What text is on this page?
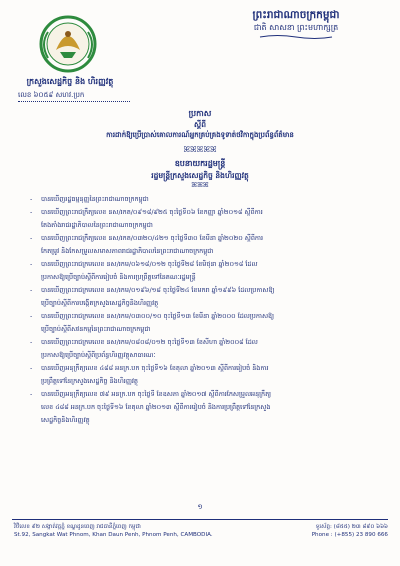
ព្រះរាជាណាចក្រកម្ពុជា
ជាតិ សាសនា ព្រះមហាក្សត្រ
ក្រសួងសេដ្ឋកិច្ច និង ហិរញ្ញវត្ថុ
លេខ ៦០៥៩ សហវ.ប្រក
ប្រកាស
ស្តីពី
ការដាក់ឱ្យប្រើប្រាស់គោលការណ៍អ្នកគ្រប់គ្រងទូទាត់ថវិកាក្នុងប្រព័ន្ធព័ត៌មាន
ꕤꕤꕤꕤꕤ
ឧបនាយករដ្ឋមន្ត្រី
រដ្ឋមន្ត្រីក្រសួងសេដ្ឋកិច្ច និងហិរញ្ញវត្ថុ
ꕤꕤꕤ
- បានឃើញរដ្ឋធម្មនុញ្ញនៃព្រះរាជាណាចក្រកម្ពុជា
- បានឃើញព្រះរាជក្រឹត្យលេខ នស/រកត/០៩១៨/៩២៥ ចុះថ្ងៃទី០៦ ខែកញ្ញា ឆ្នាំ២០១៨ ស្តីពីការ
តែងតាំងរាជរដ្ឋាភិបាលនៃព្រះរាជាណាចក្រកម្ពុជា
- បានឃើញព្រះរាជក្រឹត្យលេខ នស/រកត/០៣២០/៤២១ ចុះថ្ងៃទី៣០ ខែមីនា ឆ្នាំ២០២០ ស្តីពីការ
កែតម្រូវ និងកែសម្រួលសមាសភាពរាជរដ្ឋាភិបាលនៃព្រះរាជាណាចក្រកម្ពុជា
- បានឃើញព្រះរាជក្រមលេខ នស/រកម/០៦១៨/០១២ ចុះថ្ងៃទី២៨ ខែមិថុនា ឆ្នាំ២០១៨ ដែល
ប្រកាសឱ្យប្រើច្បាប់ស្តីពីការរៀបចំ និងការប្រព្រឹត្តទៅនៃគណៈរដ្ឋមន្ត្រី
- បានឃើញព្រះរាជក្រមលេខ នស/រកម/០១៩៦/១៨ ចុះថ្ងៃទី២៤ ខែមករា ឆ្នាំ១៩៩៦ ដែលប្រកាសឱ្យ
ប្រើច្បាប់ស្តីពីការបង្កើតក្រសួងសេដ្ឋកិច្ចនិងហិរញ្ញវត្ថុ
- បានឃើញព្រះរាជក្រមលេខ នស/រកម/០៣០០/១០ ចុះថ្ងៃទី១៣ ខែមីនា ឆ្នាំ២០០០ ដែលប្រកាសឱ្យ
ប្រើច្បាប់ស្តីពីសវនកម្មនៃព្រះរាជាណាចក្រកម្ពុជា
- បានឃើញព្រះរាជក្រមលេខ នស/រកម/០៨០៨/០១២ ចុះថ្ងៃទី១៣ ខែសីហា ឆ្នាំ២០០៨ ដែល
ប្រកាសឱ្យប្រើច្បាប់ស្តីពីប្រព័ន្ធហិរញ្ញវត្ថុសាធារណៈ
- បានឃើញអនុក្រឹត្យលេខ ៤៨៨ អនក្រ.បក ចុះថ្ងៃទី១៦ ខែតុលា ឆ្នាំ២០១៣ ស្តីពីការរៀបចំ និងការ
ប្រព្រឹត្តទៅនៃក្រសួងសេដ្ឋកិច្ច និងហិរញ្ញវត្ថុ
- បានឃើញអនុក្រឹត្យលេខ ៧៩ អនក្រ.បក ចុះថ្ងៃទី ខែឧសភា ឆ្នាំ២០១៧ ស្តីពីការកែសម្រួលអនុក្រឹត្យ
លេខ ៤៨៨ អនក្រ.បក ចុះថ្ងៃទី១៦ ខែតុលា ឆ្នាំ២០១៣ ស្តីពីការរៀបចំ និងការប្រព្រឹត្តទៅនៃក្រសួង
សេដ្ឋកិច្ចនិងហិរញ្ញវត្ថុ
១
វិថីលេខ ៩២ សង្កាត់វត្តភ្នំ ខណ្ឌដូនពេញ រាជធានីភ្នំពេញ កម្ពុជា
St.92, Sangkat Wat Phnom, Khan Daun Penh, Phnom Penh, CAMBODIA.
ទូរស័ព្ទ: (៨៥៥) ២៣ ៨៩០ ៦៦៦
Phone : (+855) 23 890 666
